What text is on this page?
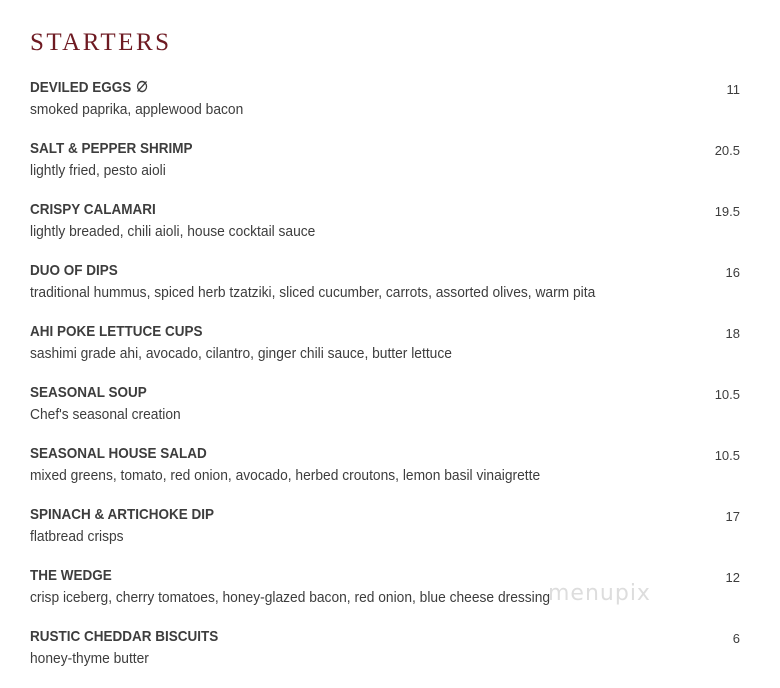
STARTERS
DEVILED EGGS
smoked paprika, applewood bacon
11
SALT & PEPPER SHRIMP
lightly fried, pesto aioli
20.5
CRISPY CALAMARI
lightly breaded, chili aioli, house cocktail sauce
19.5
DUO OF DIPS
traditional hummus, spiced herb tzatziki, sliced cucumber, carrots, assorted olives, warm pita
16
AHI POKE LETTUCE CUPS
sashimi grade ahi, avocado, cilantro, ginger chili sauce, butter lettuce
18
SEASONAL SOUP
Chef's seasonal creation
10.5
SEASONAL HOUSE SALAD
mixed greens, tomato, red onion, avocado, herbed croutons, lemon basil vinaigrette
10.5
SPINACH & ARTICHOKE DIP
flatbread crisps
17
THE WEDGE
crisp iceberg, cherry tomatoes, honey-glazed bacon, red onion, blue cheese dressing
12
RUSTIC CHEDDAR BISCUITS
honey-thyme butter
6
menupix
